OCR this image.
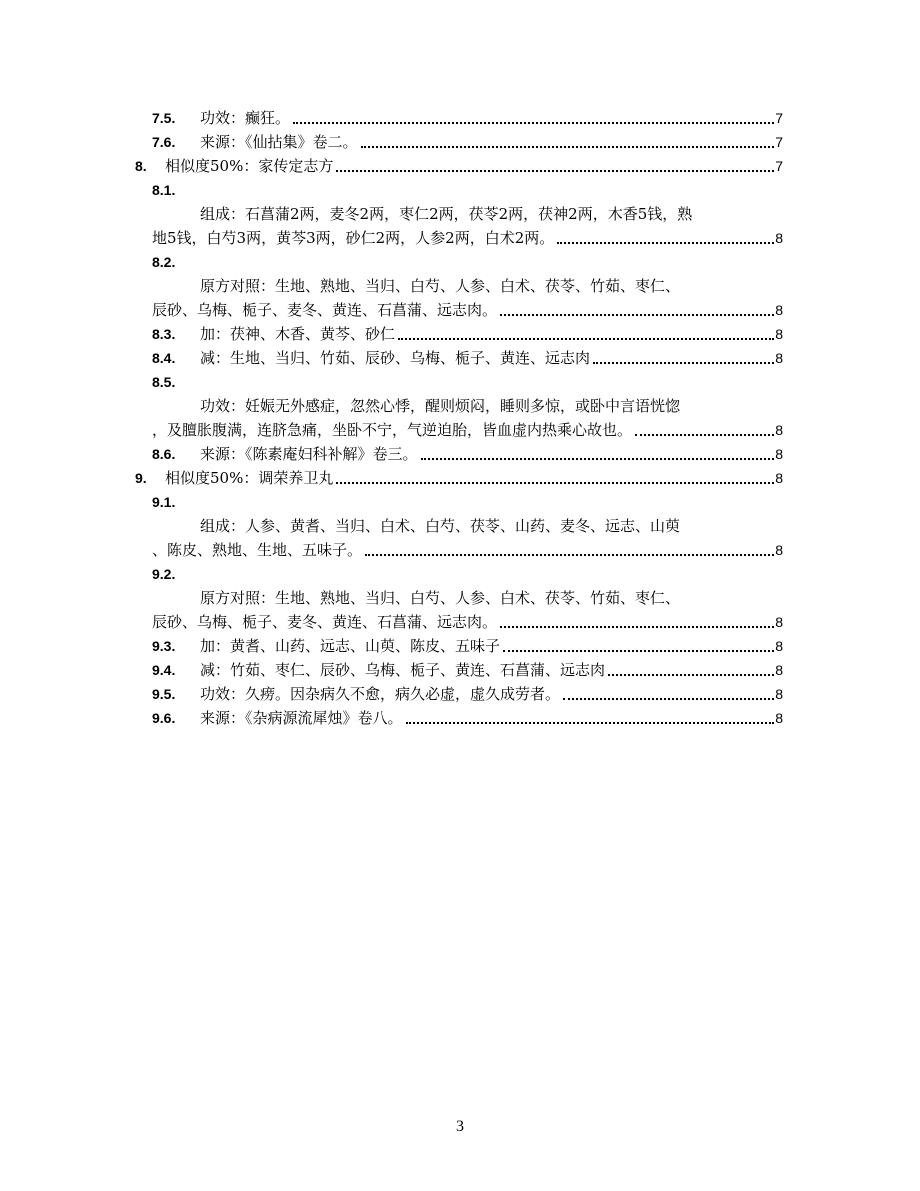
7.5.	功效：癫狂。	7
7.6.	来源：《仙拈集》卷二。	7
8.	相似度50%：家传定志方	7
8.1.
组成：石菖蒲2两，麦冬2两，枣仁2两，茯苓2两，茯神2两，木香5钱，熟
地5钱，白芍3两，黄芩3两，砂仁2两，人参2两，白术2两。	8
8.2.
原方对照：生地、熟地、当归、白芍、人参、白术、茯苓、竹茹、枣仁、
辰砂、乌梅、栀子、麦冬、黄连、石菖蒲、远志肉。	8
8.3.	加：茯神、木香、黄芩、砂仁	8
8.4.	减：生地、当归、竹茹、辰砂、乌梅、栀子、黄连、远志肉	8
8.5.
功效：妊娠无外感症，忽然心悸，醒则烦闷，睡则多惊，或卧中言语恍惚
，及膻胀腹满，连脐急痛，坐卧不宁，气逆迫胎，皆血虚内热乘心故也。	8
8.6.	来源：《陈素庵妇科补解》卷三。	8
9.	相似度50%：调荣养卫丸	8
9.1.
组成：人参、黄耆、当归、白术、白芍、茯苓、山药、麦冬、远志、山萸
、陈皮、熟地、生地、五味子。	8
9.2.
原方对照：生地、熟地、当归、白芍、人参、白术、茯苓、竹茹、枣仁、
辰砂、乌梅、栀子、麦冬、黄连、石菖蒲、远志肉。	8
9.3.	加：黄耆、山药、远志、山萸、陈皮、五味子	8
9.4.	减：竹茹、枣仁、辰砂、乌梅、栀子、黄连、石菖蒲、远志肉	8
9.5.	功效：久痨。因杂病久不愈，病久必虚，虚久成劳者。	8
9.6.	来源：《杂病源流犀烛》卷八。	8
3
